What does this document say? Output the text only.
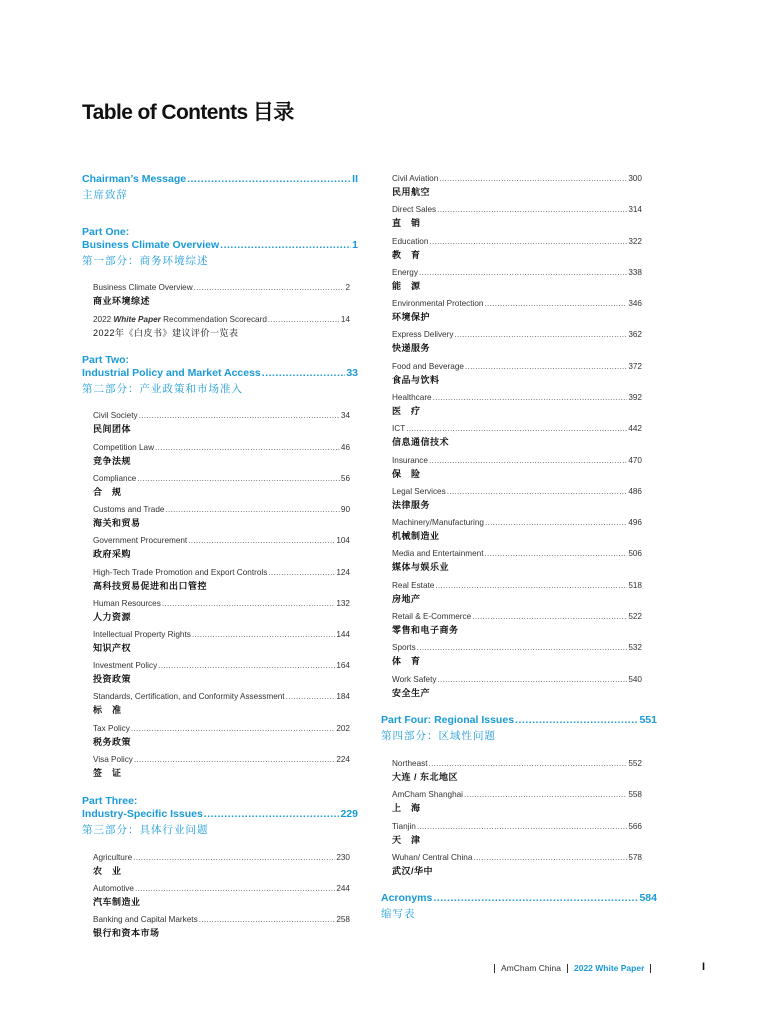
Table of Contents 目录
Chairman’s Message .....	II
主席致辞
Part One:
Business Climate Overview .....	1
第一部分：商务环境综述
Business Climate Overview .....	2
商业环境综述
2022
White Paper
Recommendation Scorecard .....	14
2022年《白皮书》建议评价一览表
Part Two:
Industrial Policy and Market Access .....	33
第二部分：产业政策和市场准入
Civil Society .....	34
民间团体
Competition Law .....	46
竞争法规
Compliance .....	56
合　规
Customs and Trade .....	90
海关和贸易
Government Procurement .....	104
政府采购
High-Tech Trade Promotion and Export Controls .....	124
高科技贸易促进和出口管控
Human Resources .....	132
人力资源
Intellectual Property Rights .....	144
知识产权
Investment Policy .....	164
投资政策
Standards, Certification, and Conformity Assessment .....	184
标　准
Tax Policy .....	202
税务政策
Visa Policy .....	224
签　证
Part Three:
Industry-Specific Issues .....	229
第三部分：具体行业问题
Agriculture .....	230
农　业
Automotive .....	244
汽车制造业
Banking and Capital Markets .....	258
银行和资本市场
Civil Aviation .....	300
民用航空
Direct Sales .....	314
直　销
Education .....	322
教　育
Energy .....	338
能　源
Environmental Protection .....	346
环境保护
Express Delivery .....	362
快递服务
Food and Beverage .....	372
食品与饮料
Healthcare .....	392
医　疗
ICT .....	442
信息通信技术
Insurance .....	470
保　险
Legal Services .....	486
法律服务
Machinery/Manufacturing .....	496
机械制造业
Media and Entertainment .....	506
媒体与娱乐业
Real Estate .....	518
房地产
Retail & E-Commerce .....	522
零售和电子商务
Sports .....	532
体　育
Work Safety .....	540
安全生产
Part Four: Regional Issues .....	551
第四部分：区域性问题
Northeast .....	552
大连 / 东北地区
AmCham Shanghai .....	558
上　海
Tianjin .....	566
天　津
Wuhan/ Central China .....	578
武汉/华中
Acronyms .....	584
缩写表
AmCham China 2022 White Paper	I
